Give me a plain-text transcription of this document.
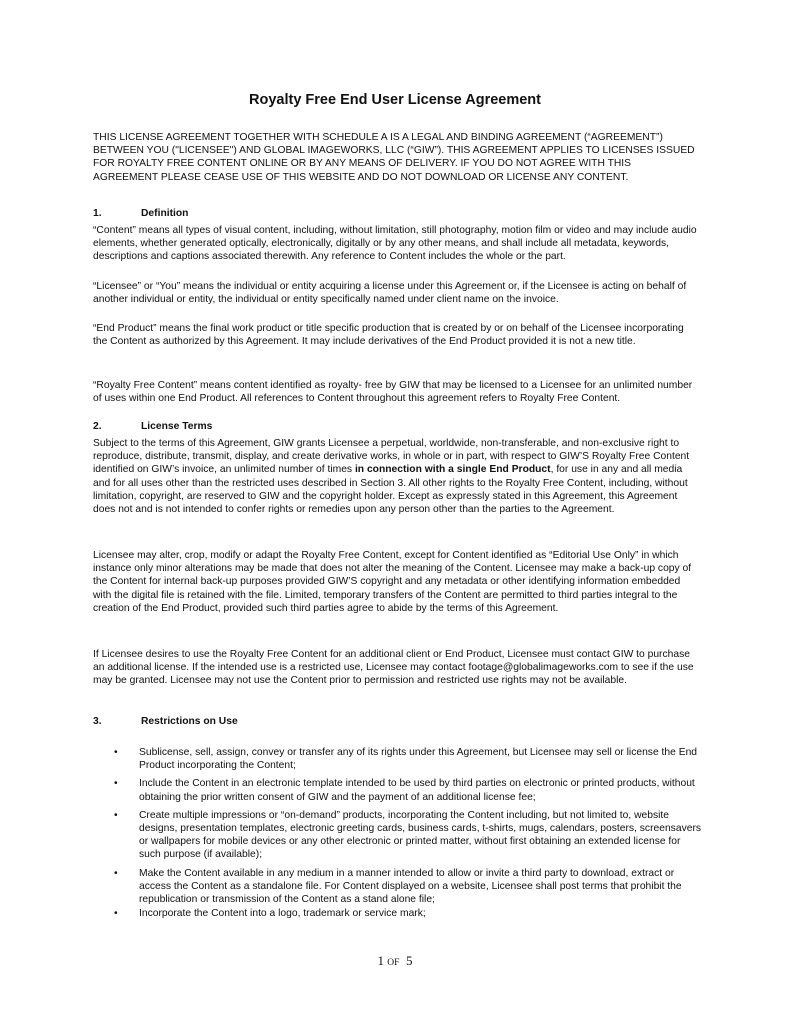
Royalty Free End User License Agreement
THIS LICENSE AGREEMENT TOGETHER WITH SCHEDULE A IS A LEGAL AND BINDING AGREEMENT (“AGREEMENT”) BETWEEN YOU ("LICENSEE") AND GLOBAL IMAGEWORKS, LLC (“GIW”). THIS AGREEMENT APPLIES TO LICENSES ISSUED FOR ROYALTY FREE CONTENT ONLINE OR BY ANY MEANS OF DELIVERY. IF YOU DO NOT AGREE WITH THIS AGREEMENT PLEASE CEASE USE OF THIS WEBSITE AND DO NOT DOWNLOAD OR LICENSE ANY CONTENT.
1.	Definition
“Content” means all types of visual content, including, without limitation, still photography, motion film or video and may include audio elements, whether generated optically, electronically, digitally or by any other means, and shall include all metadata, keywords, descriptions and captions associated therewith. Any reference to Content includes the whole or the part.
“Licensee” or “You” means the individual or entity acquiring a license under this Agreement or, if the Licensee is acting on behalf of another individual or entity, the individual or entity specifically named under client name on the invoice.
“End Product” means the final work product or title specific production that is created by or on behalf of the Licensee incorporating the Content as authorized by this Agreement. It may include derivatives of the End Product provided it is not a new title.
“Royalty Free Content” means content identified as royalty- free by GIW that may be licensed to a Licensee for an unlimited number of uses within one End Product. All references to Content throughout this agreement refers to Royalty Free Content.
2.	License Terms
Subject to the terms of this Agreement, GIW grants Licensee a perpetual, worldwide, non-transferable, and non-exclusive right to reproduce, distribute, transmit, display, and create derivative works, in whole or in part, with respect to GIW’S Royalty Free Content identified on GIW’s invoice, an unlimited number of times in connection with a single End Product, for use in any and all media and for all uses other than the restricted uses described in Section 3. All other rights to the Royalty Free Content, including, without limitation, copyright, are reserved to GIW and the copyright holder. Except as expressly stated in this Agreement, this Agreement does not and is not intended to confer rights or remedies upon any person other than the parties to the Agreement.
Licensee may alter, crop, modify or adapt the Royalty Free Content, except for Content identified as “Editorial Use Only” in which instance only minor alterations may be made that does not alter the meaning of the Content. Licensee may make a back-up copy of the Content for internal back-up purposes provided GIW’S copyright and any metadata or other identifying information embedded with the digital file is retained with the file. Limited, temporary transfers of the Content are permitted to third parties integral to the creation of the End Product, provided such third parties agree to abide by the terms of this Agreement.
If Licensee desires to use the Royalty Free Content for an additional client or End Product, Licensee must contact GIW to purchase an additional license. If the intended use is a restricted use, Licensee may contact footage@globalimageworks.com to see if the use may be granted. Licensee may not use the Content prior to permission and restricted use rights may not be available.
3.	Restrictions on Use
• Sublicense, sell, assign, convey or transfer any of its rights under this Agreement, but Licensee may sell or license the End Product incorporating the Content;
• Include the Content in an electronic template intended to be used by third parties on electronic or printed products, without obtaining the prior written consent of GIW and the payment of an additional license fee;
• Create multiple impressions or “on-demand” products, incorporating the Content including, but not limited to, website designs, presentation templates, electronic greeting cards, business cards, t-shirts, mugs, calendars, posters, screensavers or wallpapers for mobile devices or any other electronic or printed matter, without first obtaining an extended license for such purpose (if available);
• Make the Content available in any medium in a manner intended to allow or invite a third party to download, extract or access the Content as a standalone file. For Content displayed on a website, Licensee shall post terms that prohibit the republication or transmission of the Content as a stand alone file;
• Incorporate the Content into a logo, trademark or service mark;
1 OF 5
